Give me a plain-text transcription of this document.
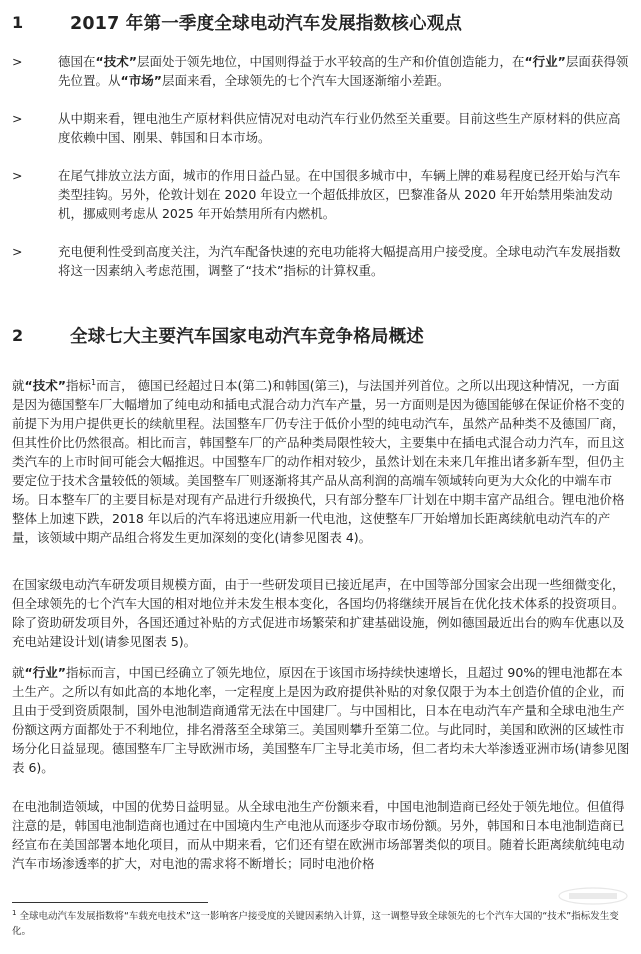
1	2017 年第一季度全球电动汽车发展指数核心观点
>	德国在“技术”层面处于领先地位，中国则得益于水平较高的生产和价值创造能力，在“行业”层面获得领先位置。从“市场”层面来看，全球领先的七个汽车大国逐渐缩小差距。
>	从中期来看，锂电池生产原材料供应情况对电动汽车行业仍然至关重要。目前这些生产原材料的供应高度依赖中国、刚果、韩国和日本市场。
>	在尾气排放立法方面，城市的作用日益凸显。在中国很多城市中，车辆上牌的难易程度已经开始与汽车类型挂钩。另外，伦敦计划在 2020 年设立一个超低排放区，巴黎准备从 2020 年开始禁用柴油发动机，挪威则考虑从 2025 年开始禁用所有内燃机。
>	充电便利性受到高度关注，为汽车配备快速的充电功能将大幅提高用户接受度。全球电动汽车发展指数将这一因素纳入考虑范围，调整了“技术”指标的计算权重。
2	全球七大主要汽车国家电动汽车竞争格局概述

就“技术”指标$^1$而言， 德国已经超过日本(第二)和韩国(第三)，与法国并列首位。之所以出现这种情况，一方面是因为德国整车厂大幅增加了纯电动和插电式混合动力汽车产量，另一方面则是因为德国能够在保证价格不变的前提下为用户提供更长的续航里程。法国整车厂仍专注于低价小型的纯电动汽车，虽然产品种类不及德国厂商，但其性价比仍然很高。相比而言，韩国整车厂的产品种类局限性较大，主要集中在插电式混合动力汽车，而且这类汽车的上市时间可能会大幅推迟。中国整车厂的动作相对较少，虽然计划在未来几年推出诸多新车型，但仍主要定位于技术含量较低的领域。美国整车厂则逐渐将其产品从高利润的高端车领域转向更为大众化的中端车市场。日本整车厂的主要目标是对现有产品进行升级换代，只有部分整车厂计划在中期丰富产品组合。锂电池价格整体上加速下跌，2018 年以后的汽车将迅速应用新一代电池，这使整车厂开始增加长距离续航电动汽车的产量，该领域中期产品组合将发生更加深刻的变化(请参见图表 4)。

在国家级电动汽车研发项目规模方面，由于一些研发项目已接近尾声，在中国等部分国家会出现一些细微变化，但全球领先的七个汽车大国的相对地位并未发生根本变化，各国均仍将继续开展旨在优化技术体系的投资项目。除了资助研发项目外，各国还通过补贴的方式促进市场繁荣和扩建基础设施，例如德国最近出台的购车优惠以及充电站建设计划(请参见图表 5)。

就“行业”指标而言，中国已经确立了领先地位，原因在于该国市场持续快速增长，且超过 90%的锂电池都在本土生产。之所以有如此高的本地化率，一定程度上是因为政府提供补贴的对象仅限于为本土创造价值的企业，而且由于受到资质限制，国外电池制造商通常无法在中国建厂。与中国相比，日本在电动汽车产量和全球电池生产份额这两方面都处于不利地位，排名滑落至全球第三。美国则攀升至第二位。与此同时，美国和欧洲的区域性市场分化日益显现。德国整车厂主导欧洲市场，美国整车厂主导北美市场，但二者均未大举渗透亚洲市场(请参见图表 6)。

在电池制造领域，中国的优势日益明显。从全球电池生产份额来看，中国电池制造商已经处于领先地位。但值得注意的是，韩国电池制造商也通过在中国境内生产电池从而逐步夺取市场份额。另外，韩国和日本电池制造商已经宣布在美国部署本地化项目，而从中期来看，它们还有望在欧洲市场部署类似的项目。随着长距离续航纯电动汽车市场渗透率的扩大，对电池的需求将不断增长；同时电池价格

$^1$ 全球电动汽车发展指数将“车载充电技术”这一影响客户接受度的关键因素纳入计算，这一调整导致全球领先的七个汽车大国的“技术”指标发生变化。
